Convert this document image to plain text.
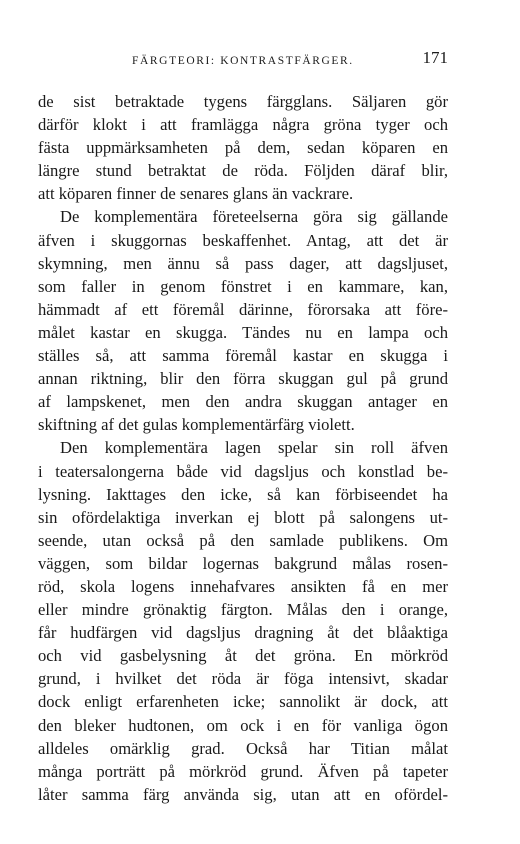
FÄRGTEORI: KONTRASTFÄRGER.	171
de sist betraktade tygens färgglans. Säljaren gör
därför klokt i att framlägga några gröna tyger och
fästa uppmärksamheten på dem, sedan köparen en
längre stund betraktat de röda. Följden däraf blir,
att köparen finner de senares glans än vackrare.
De komplementära företeelserna göra sig gällande
äfven i skuggornas beskaffenhet. Antag, att det är
skymning, men ännu så pass dager, att dagsljuset,
som faller in genom fönstret i en kammare, kan,
hämmadt af ett föremål därinne, förorsaka att före-
målet kastar en skugga. Tändes nu en lampa och
ställes så, att samma föremål kastar en skugga i
annan riktning, blir den förra skuggan gul på grund
af lampskenet, men den andra skuggan antager en
skiftning af det gulas komplementärfärg violett.
Den komplementära lagen spelar sin roll äfven
i teatersalongerna både vid dagsljus och konstlad be-
lysning. Iakttages den icke, så kan förbiseendet ha
sin ofördelaktiga inverkan ej blott på salongens ut-
seende, utan också på den samlade publikens. Om
väggen, som bildar logernas bakgrund målas rosen-
röd, skola logens innehafvares ansikten få en mer
eller mindre grönaktig färgton. Målas den i orange,
får hudfärgen vid dagsljus dragning åt det blåaktiga
och vid gasbelysning åt det gröna. En mörkröd
grund, i hvilket det röda är föga intensivt, skadar
dock enligt erfarenheten icke; sannolikt är dock, att
den bleker hudtonen, om ock i en för vanliga ögon
alldeles omärklig grad. Också har Titian målat
många porträtt på mörkröd grund. Äfven på tapeter
låter samma färg använda sig, utan att en ofördel-
